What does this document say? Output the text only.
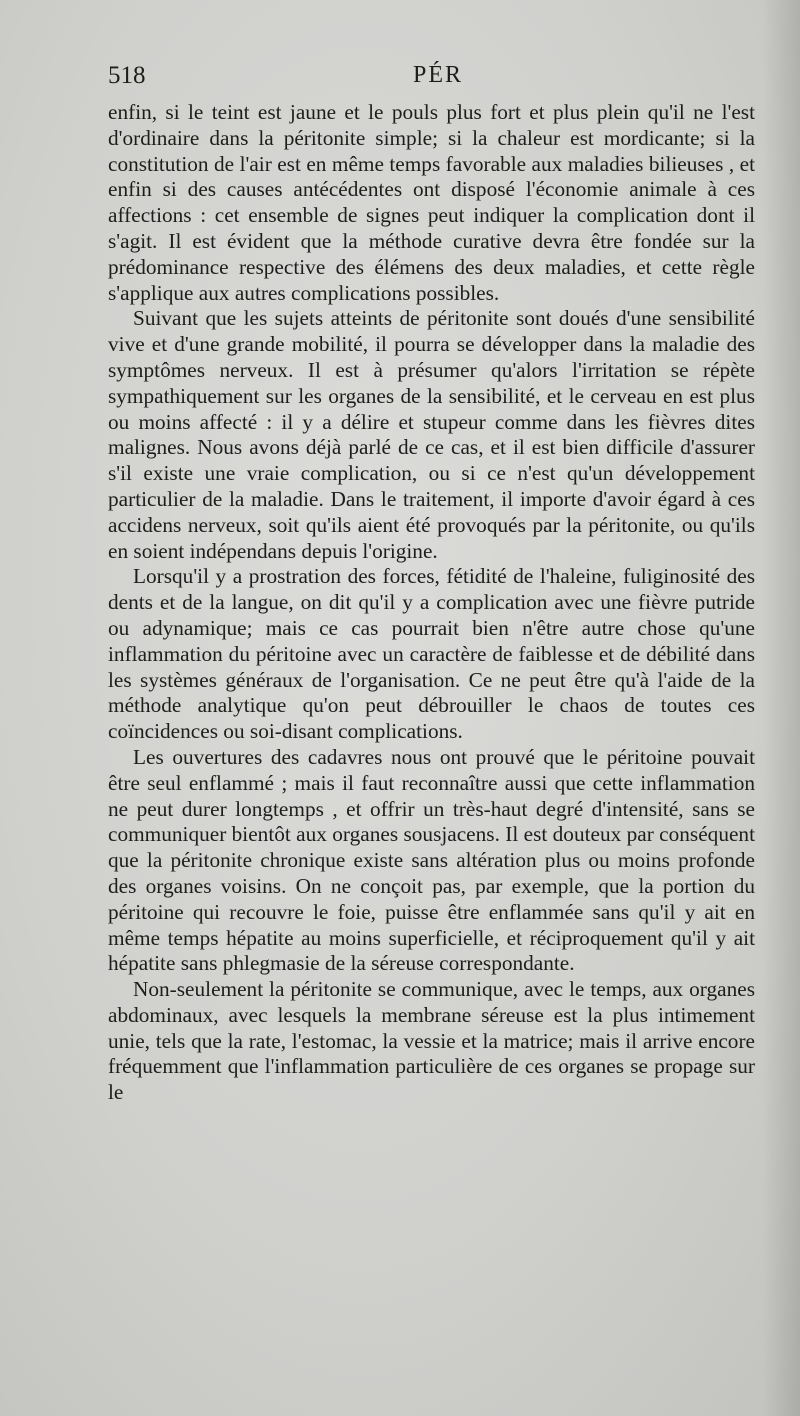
518	PÉR

enfin, si le teint est jaune et le pouls plus fort et plus plein qu'il ne l'est d'ordinaire dans la péritonite simple; si la chaleur est mordicante; si la constitution de l'air est en même temps favorable aux maladies bilieuses , et enfin si des causes antécédentes ont disposé l'économie animale à ces affections : cet ensemble de signes peut indiquer la complication dont il s'agit. Il est évident que la méthode curative devra être fondée sur la prédominance respective des élémens des deux maladies, et cette règle s'applique aux autres complications possibles.

Suivant que les sujets atteints de péritonite sont doués d'une sensibilité vive et d'une grande mobilité, il pourra se développer dans la maladie des symptômes nerveux. Il est à présumer qu'alors l'irritation se répète sympathiquement sur les organes de la sensibilité, et le cerveau en est plus ou moins affecté : il y a délire et stupeur comme dans les fièvres dites malignes. Nous avons déjà parlé de ce cas, et il est bien difficile d'assurer s'il existe une vraie complication, ou si ce n'est qu'un développement particulier de la maladie. Dans le traitement, il importe d'avoir égard à ces accidens nerveux, soit qu'ils aient été provoqués par la péritonite, ou qu'ils en soient indépendans depuis l'origine.

Lorsqu'il y a prostration des forces, fétidité de l'haleine, fuliginosité des dents et de la langue, on dit qu'il y a complication avec une fièvre putride ou adynamique; mais ce cas pourrait bien n'être autre chose qu'une inflammation du péritoine avec un caractère de faiblesse et de débilité dans les systèmes généraux de l'organisation. Ce ne peut être qu'à l'aide de la méthode analytique qu'on peut débrouiller le chaos de toutes ces coïncidences ou soi-disant complications.

Les ouvertures des cadavres nous ont prouvé que le péritoine pouvait être seul enflammé ; mais il faut reconnaître aussi que cette inflammation ne peut durer longtemps , et offrir un très-haut degré d'intensité, sans se communiquer bientôt aux organes sousjacens. Il est douteux par conséquent que la péritonite chronique existe sans altération plus ou moins profonde des organes voisins. On ne conçoit pas, par exemple, que la portion du péritoine qui recouvre le foie, puisse être enflammée sans qu'il y ait en même temps hépatite au moins superficielle, et réciproquement qu'il y ait hépatite sans phlegmasie de la séreuse correspondante.

Non-seulement la péritonite se communique, avec le temps, aux organes abdominaux, avec lesquels la membrane séreuse est la plus intimement unie, tels que la rate, l'estomac, la vessie et la matrice; mais il arrive encore fréquemment que l'inflammation particulière de ces organes se propage sur le
